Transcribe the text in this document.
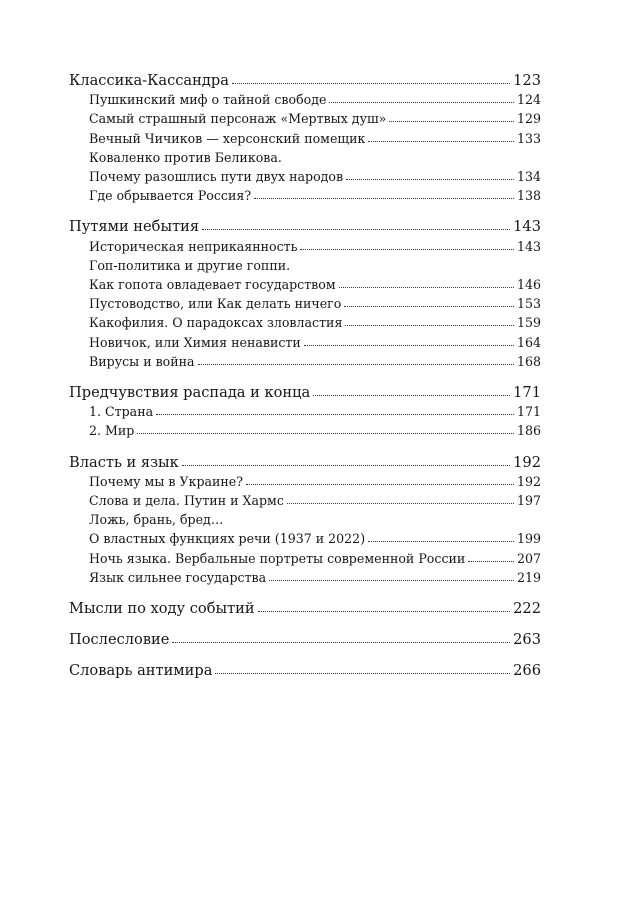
Классика-Кассандра	123
Пушкинский миф о тайной свободе	124
Самый страшный персонаж «Мертвых душ»	129
Вечный Чичиков — херсонский помещик	133
Коваленко против Беликова.
Почему разошлись пути двух народов	134
Где обрывается Россия?	138
Путями небытия	143
Историческая неприкаянность	143
Гоп-политика и другие гоппи.
Как гопота овладевает государством	146
Пустоводство, или Как делать ничего	153
Какофилия. О парадоксах зловластия	159
Новичок, или Химия ненависти	164
Вирусы и война	168
Предчувствия распада и конца	171
1. Страна	171
2. Мир	186
Власть и язык	192
Почему мы в Украине?	192
Слова и дела. Путин и Хармс	197
Ложь, брань, бред…
О властных функциях речи (1937 и 2022)	199
Ночь языка. Вербальные портреты современной России	207
Язык сильнее государства	219
Мысли по ходу событий	222
Послесловие	263
Словарь антимира	266
